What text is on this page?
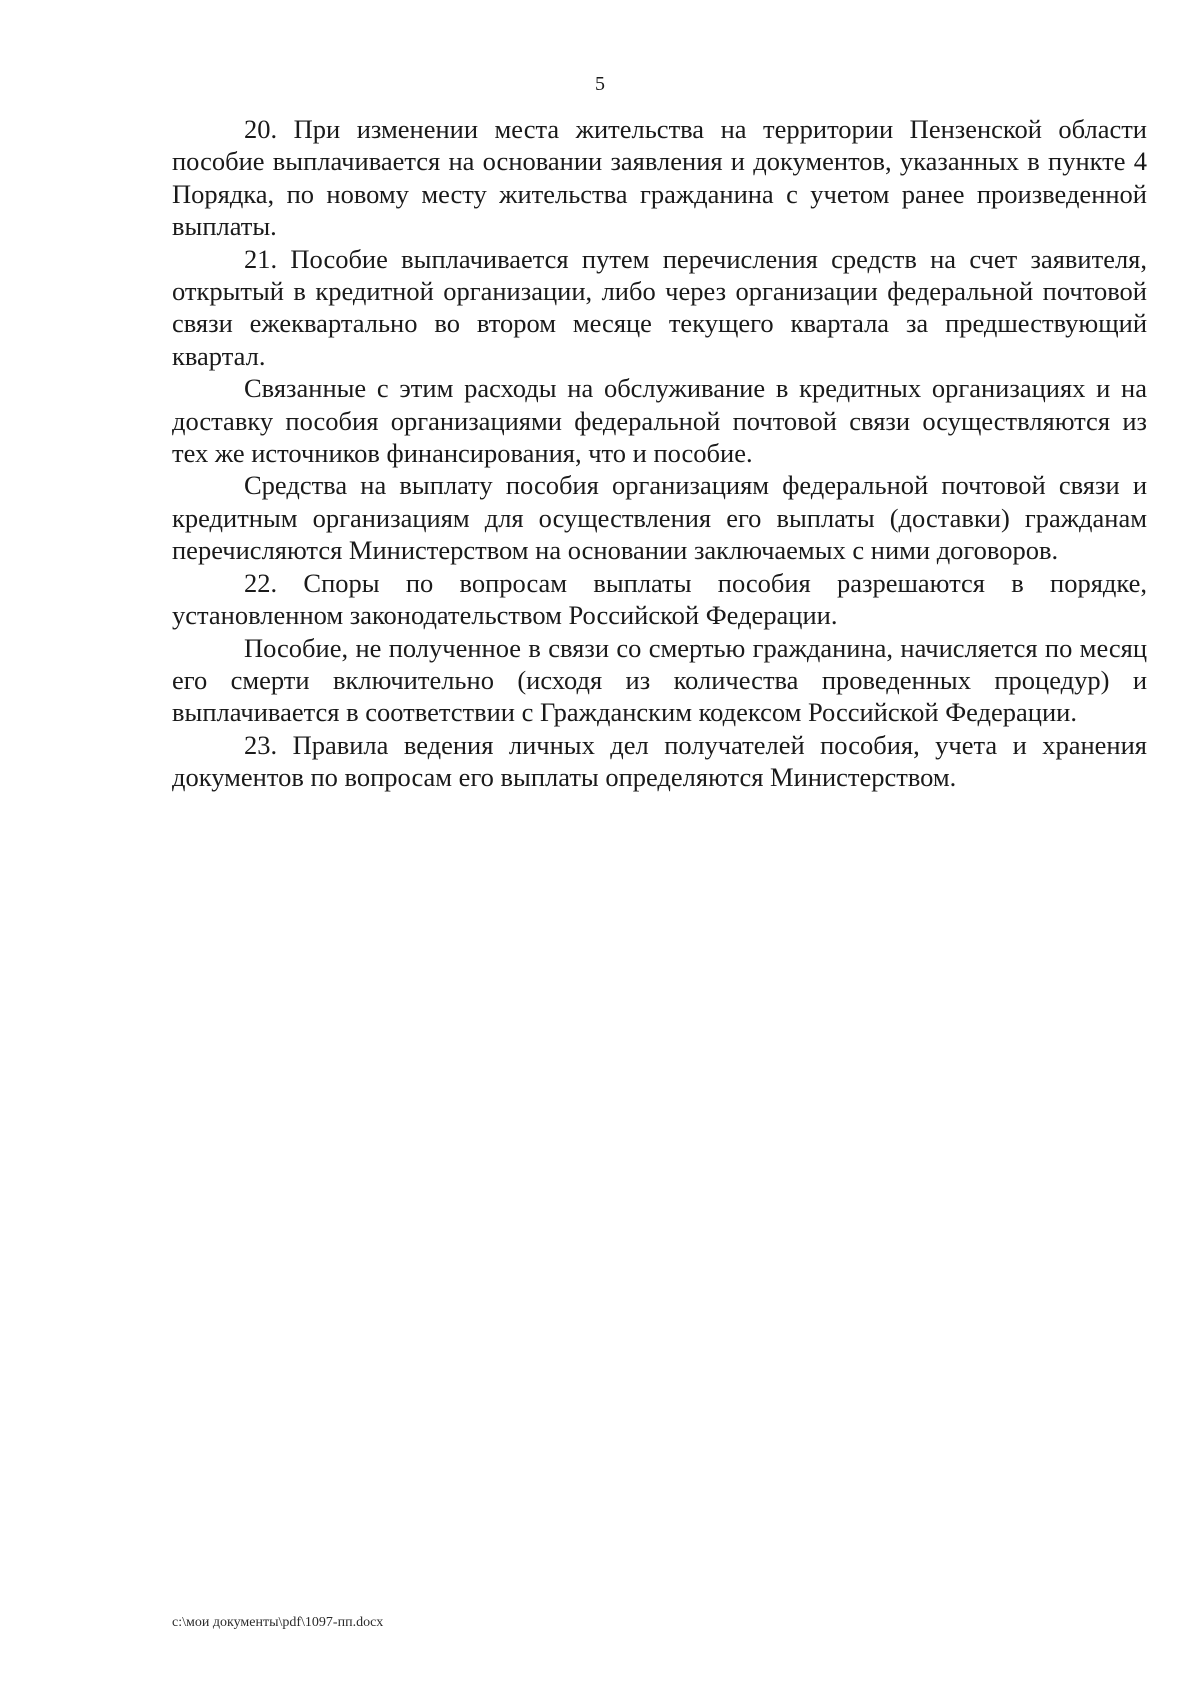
5

20. При изменении места жительства на территории Пензенской области пособие выплачивается на основании заявления и документов, указанных в пункте 4 Порядка, по новому месту жительства гражданина с учетом ранее произведенной выплаты.

21. Пособие выплачивается путем перечисления средств на счет заявителя, открытый в кредитной организации, либо через организации федеральной почтовой связи ежеквартально во втором месяце текущего квартала за предшествующий квартал.

Связанные с этим расходы на обслуживание в кредитных организациях и на доставку пособия организациями федеральной почтовой связи осуществляются из тех же источников финансирования, что и пособие.

Средства на выплату пособия организациям федеральной почтовой связи и кредитным организациям для осуществления его выплаты (доставки) гражданам перечисляются Министерством на основании заключаемых с ними договоров.

22. Споры по вопросам выплаты пособия разрешаются в порядке, установленном законодательством Российской Федерации.

Пособие, не полученное в связи со смертью гражданина, начисляется по месяц его смерти включительно (исходя из количества проведенных процедур) и выплачивается в соответствии с Гражданским кодексом Российской Федерации.

23. Правила ведения личных дел получателей пособия, учета и хранения документов по вопросам его выплаты определяются Министерством.

c:\мои документы\pdf\1097-пп.docx
